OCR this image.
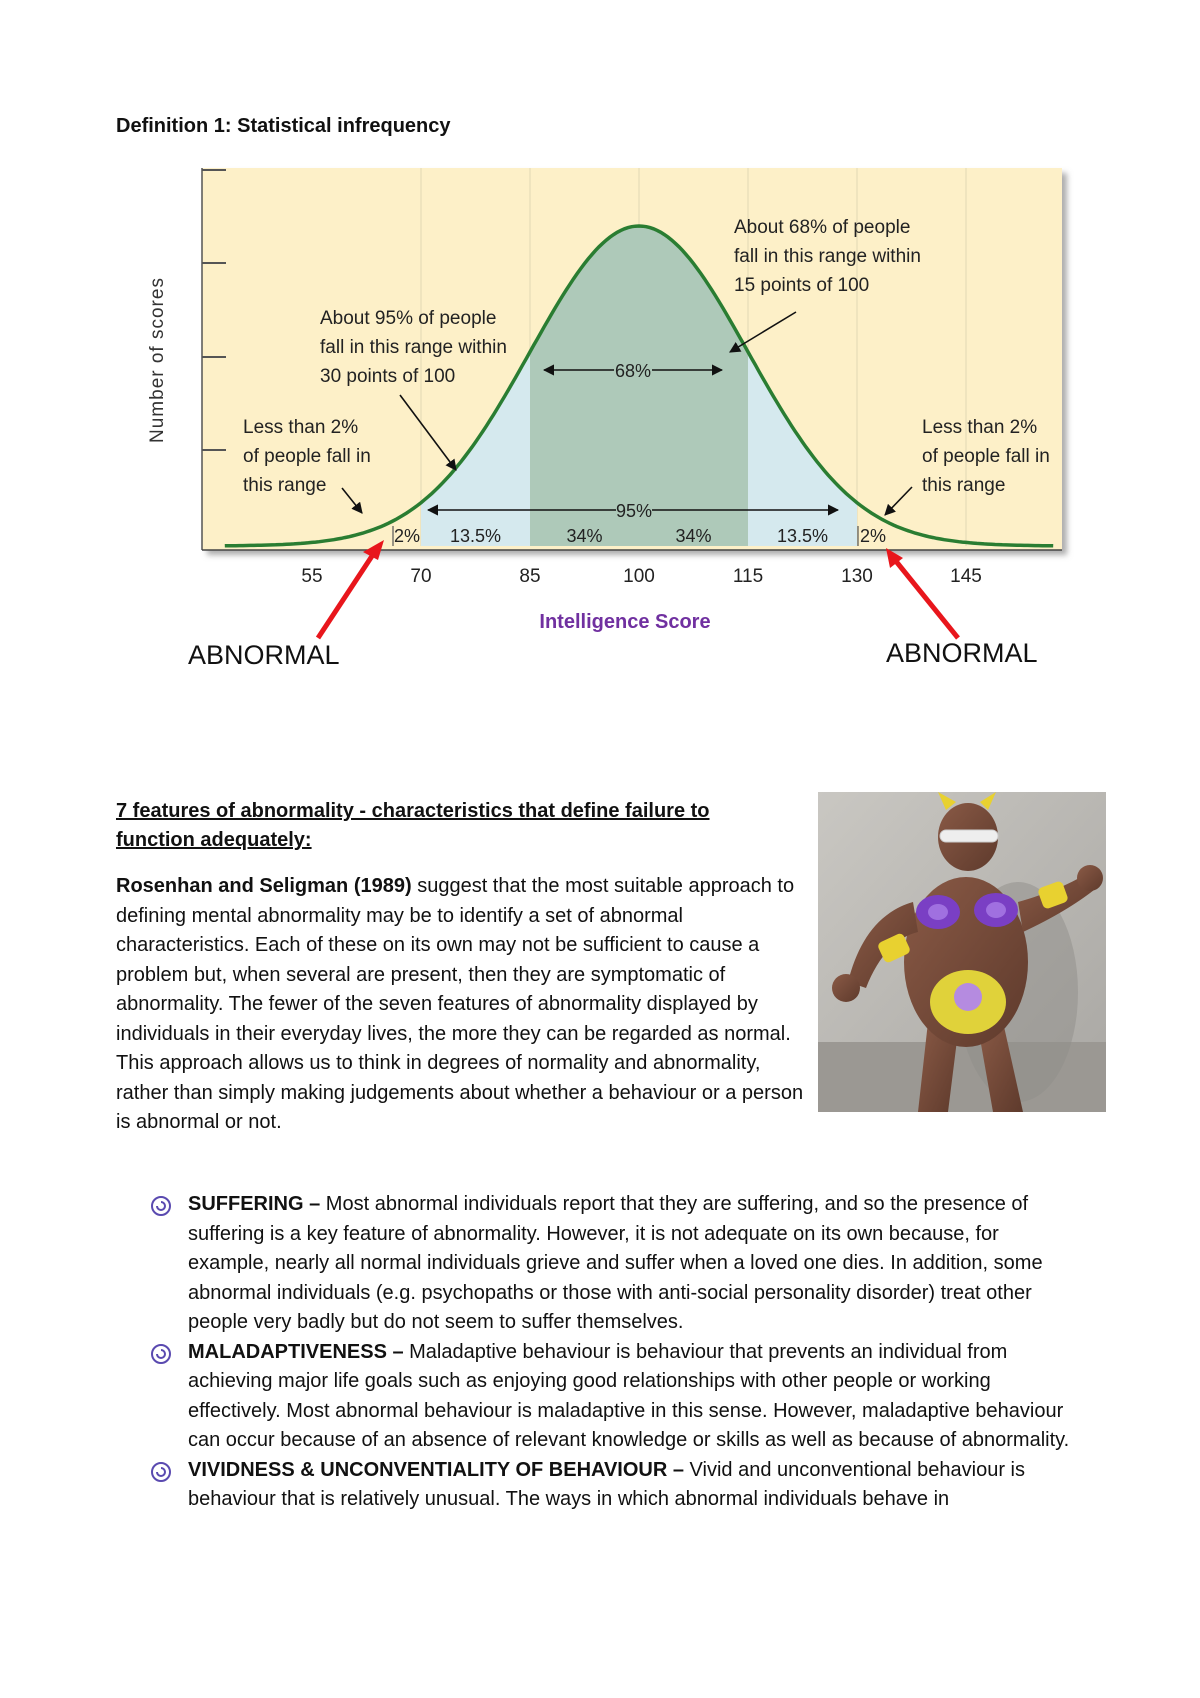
Definition 1: Statistical infrequency
2% 13.5%	34%	34%	13.5% 2%
55	70	85	100	115	130	145
68%
95%
About 68% of people fall in this range within 15 points of 100
About 95% of people fall in this range within 30 points of 100
Less than 2% of people fall in this range
Less than 2% of people fall in this range
Number of scores
Intelligence Score
ABNORMAL	ABNORMAL
7 features of abnormality - characteristics that define failure to function adequately:

Rosenhan and Seligman (1989) suggest that the most suitable approach to defining mental abnormality may be to identify a set of abnormal characteristics. Each of these on its own may not be sufficient to cause a problem but, when several are present, then they are symptomatic of abnormality. The fewer of the seven features of abnormality displayed by individuals in their everyday lives, the more they can be regarded as normal. This approach allows us to think in degrees of normality and abnormality, rather than simply making judgements about whether a behaviour or a person is abnormal or not.

SUFFERING – Most abnormal individuals report that they are suffering, and so the presence of suffering is a key feature of abnormality. However, it is not adequate on its own because, for example, nearly all normal individuals grieve and suffer when a loved one dies. In addition, some abnormal individuals (e.g. psychopaths or those with anti-social personality disorder) treat other people very badly but do not seem to suffer themselves.
MALADAPTIVENESS – Maladaptive behaviour is behaviour that prevents an individual from achieving major life goals such as enjoying good relationships with other people or working effectively. Most abnormal behaviour is maladaptive in this sense. However, maladaptive behaviour can occur because of an absence of relevant knowledge or skills as well as because of abnormality.
VIVIDNESS & UNCONVENTIALITY OF BEHAVIOUR – Vivid and unconventional behaviour is behaviour that is relatively unusual. The ways in which abnormal individuals behave in
